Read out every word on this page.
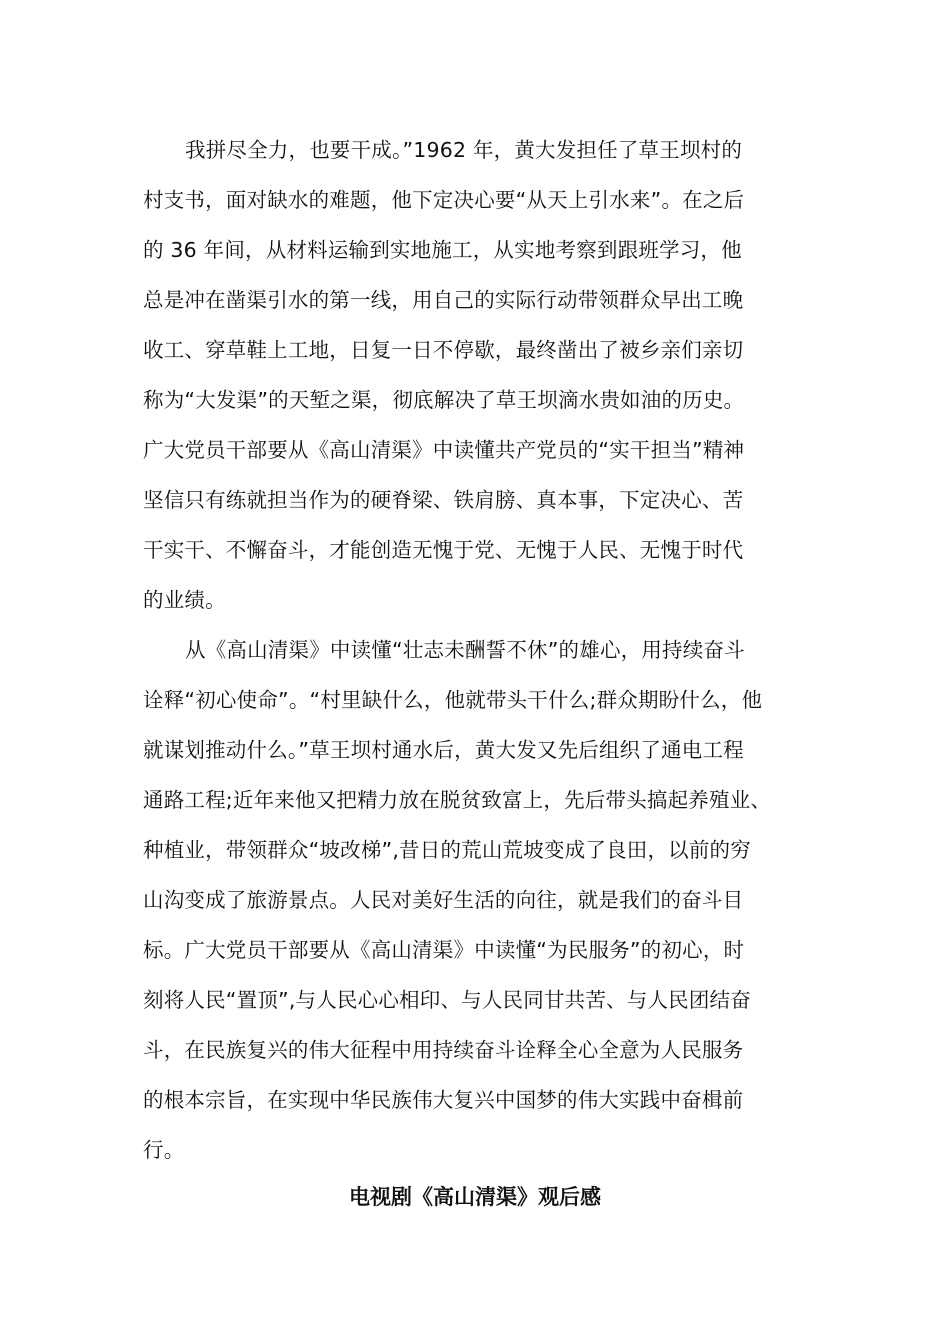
我拼尽全力，也要干成。”1962 年，黄大发担任了草王坝村的
村支书，面对缺水的难题，他下定决心要“从天上引水来”。在之后
的 36 年间，从材料运输到实地施工，从实地考察到跟班学习，他
总是冲在凿渠引水的第一线，用自己的实际行动带领群众早出工晚
收工、穿草鞋上工地，日复一日不停歇，最终凿出了被乡亲们亲切
称为“大发渠”的天堑之渠，彻底解决了草王坝滴水贵如油的历史。
广大党员干部要从《高山清渠》中读懂共产党员的“实干担当”精神
坚信只有练就担当作为的硬脊梁、铁肩膀、真本事，下定决心、苦
干实干、不懈奋斗，才能创造无愧于党、无愧于人民、无愧于时代
的业绩。
从《高山清渠》中读懂“壮志未酬誓不休”的雄心，用持续奋斗
诠释“初心使命”。“村里缺什么，他就带头干什么;群众期盼什么，他
就谋划推动什么。”草王坝村通水后，黄大发又先后组织了通电工程
通路工程;近年来他又把精力放在脱贫致富上，先后带头搞起养殖业、
种植业，带领群众“坡改梯”,昔日的荒山荒坡变成了良田，以前的穷
山沟变成了旅游景点。人民对美好生活的向往，就是我们的奋斗目
标。广大党员干部要从《高山清渠》中读懂“为民服务”的初心，时
刻将人民“置顶”,与人民心心相印、与人民同甘共苦、与人民团结奋
斗，在民族复兴的伟大征程中用持续奋斗诠释全心全意为人民服务
的根本宗旨，在实现中华民族伟大复兴中国梦的伟大实践中奋楫前
行。
电视剧《高山清渠》观后感
